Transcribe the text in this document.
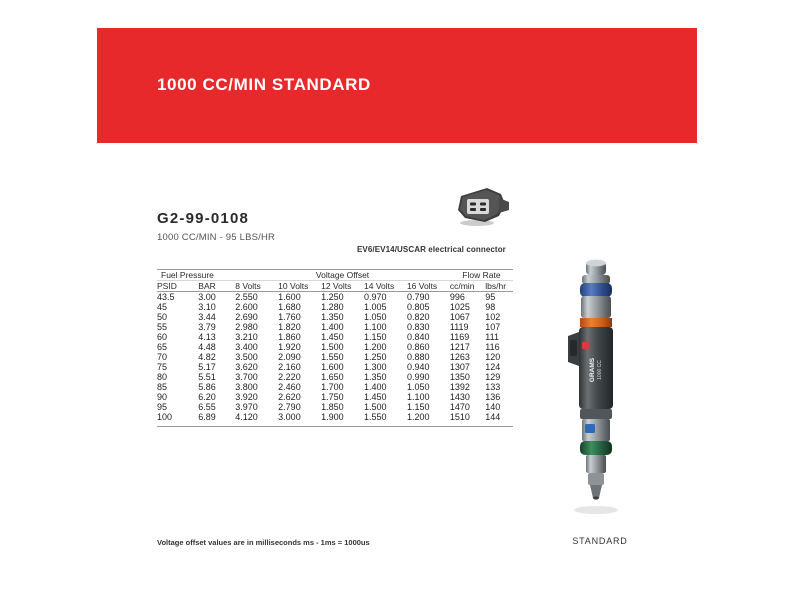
1000 CC/MIN STANDARD
G2-99-0108
1000 CC/MIN - 95 LBS/HR
EV6/EV14/USCAR electrical connector
Fuel Pressure		Voltage Offset					Flow Rate	
PSID	BAR	8 Volts	10 Volts	12 Volts	14 Volts	16 Volts	cc/min	lbs/hr
43.5	3.00	2.550	1.600	1.250	0.970	0.790	996	95
45	3.10	2.600	1.680	1.280	1.005	0.805	1025	98
50	3.44	2.690	1.760	1.350	1.050	0.820	1067	102
55	3.79	2.980	1.820	1.400	1.100	0.830	1119	107
60	4.13	3.210	1.860	1.450	1.150	0.840	1169	111
65	4.48	3.400	1.920	1.500	1.200	0.860	1217	116
70	4.82	3.500	2.090	1.550	1.250	0.880	1263	120
75	5.17	3.620	2.160	1.600	1.300	0.940	1307	124
80	5.51	3.700	2.220	1.650	1.350	0.990	1350	129
85	5.86	3.800	2.460	1.700	1.400	1.050	1392	133
90	6.20	3.920	2.620	1.750	1.450	1.100	1430	136
95	6.55	3.970	2.790	1.850	1.500	1.150	1470	140
100	6.89	4.120	3.000	1.900	1.550	1.200	1510	144
Voltage offset values are in milliseconds ms - 1ms = 1000us
GRAMS 1000 CC
STANDARD
